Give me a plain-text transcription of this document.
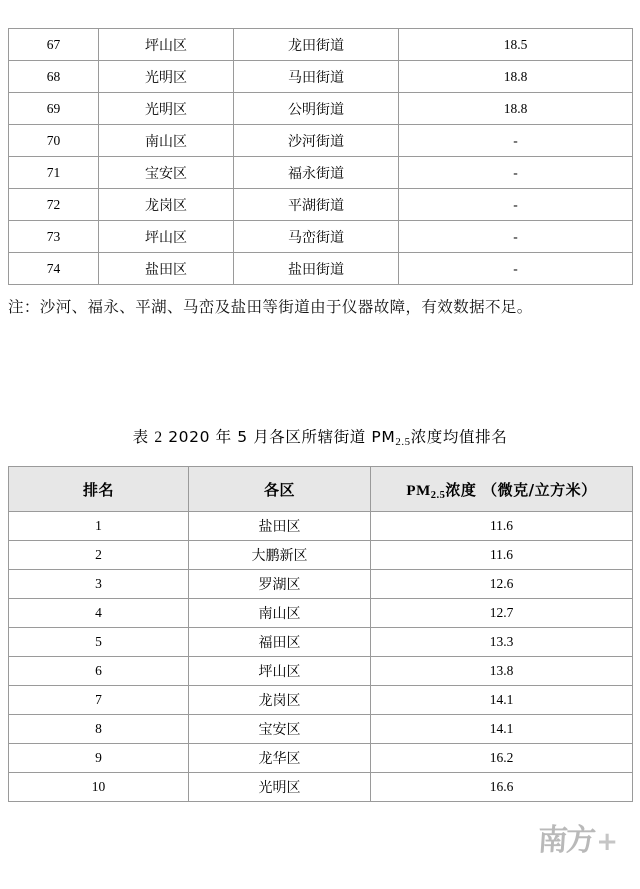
67	坪山区	龙田街道	18.5
68	光明区	马田街道	18.8
69	光明区	公明街道	18.8
70	南山区	沙河街道	-
71	宝安区	福永街道	-
72	龙岗区	平湖街道	-
73	坪山区	马峦街道	-
74	盐田区	盐田街道	-
注：沙河、福永、平湖、马峦及盐田等街道由于仪器故障，有效数据不足。
表 2 2020 年 5 月各区所辖街道 $PM_{2.5}$浓度均值排名
排名	各区	$PM_{2.5}$浓度 （微克/立方米）
1	盐田区	11.6
2	大鹏新区	11.6
3	罗湖区	12.6
4	南山区	12.7
5	福田区	13.3
6	坪山区	13.8
7	龙岗区	14.1
8	宝安区	14.1
9	龙华区	16.2
10	光明区	16.6
南方 +
